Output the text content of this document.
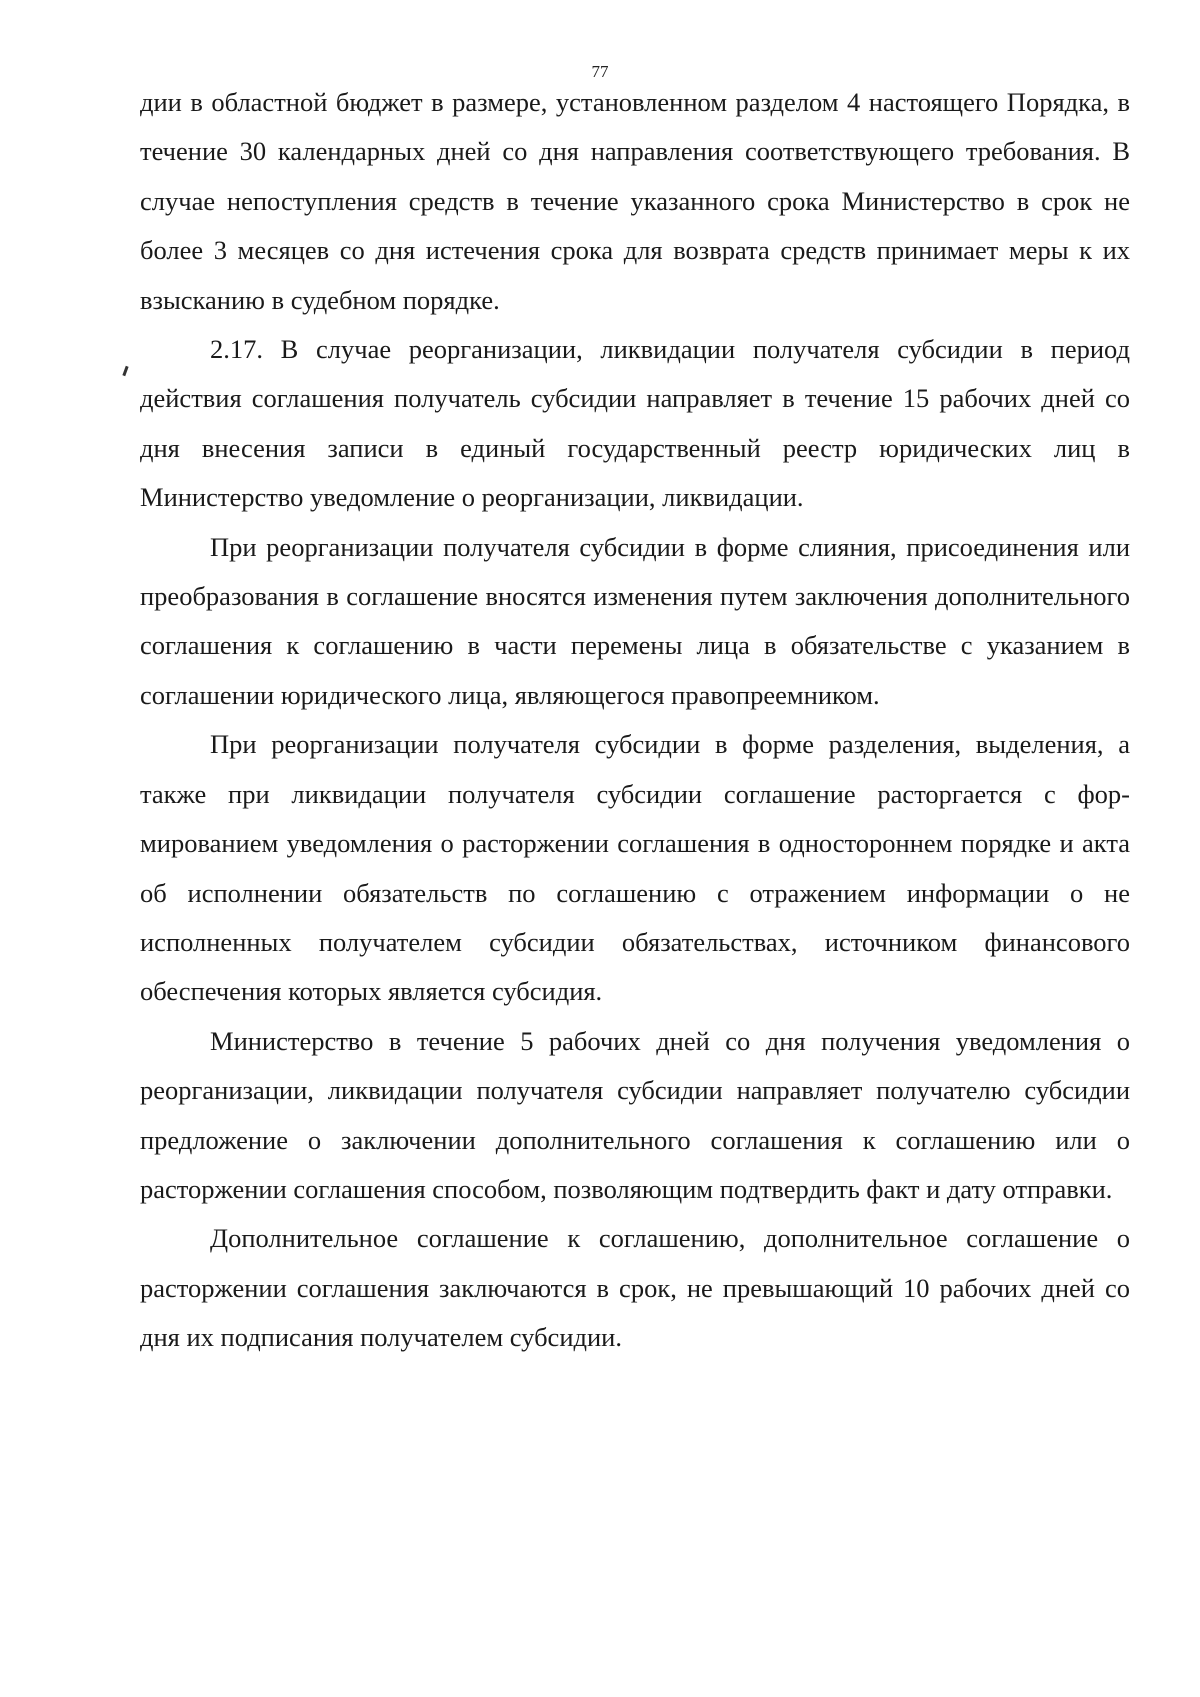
77

дии в областной бюджет в размере, установленном разделом 4 настоящего Порядка, в течение 30 календарных дней со дня направления соответствующего требования. В случае непоступления средств в течение указанного срока Министерство в срок не более 3 месяцев со дня истечения срока для возврата средств принимает меры к их взысканию в судебном порядке.

2.17. В случае реорганизации, ликвидации получателя субсидии в период действия соглашения получатель субсидии направляет в течение 15 рабочих дней со дня внесения записи в единый государственный реестр юридических лиц в Министерство уведомление о реорганизации, ликвидации.

При реорганизации получателя субсидии в форме слияния, присоединения или преобразования в соглашение вносятся изменения путем заключения дополнительного соглашения к соглашению в части перемены лица в обязательстве с указанием в соглашении юридического лица, являющегося правопреемником.

При реорганизации получателя субсидии в форме разделения, выделения, а также при ликвидации получателя субсидии соглашение расторгается с формированием уведомления о расторжении соглашения в одностороннем порядке и акта об исполнении обязательств по соглашению с отражением информации о не исполненных получателем субсидии обязательствах, источником финансового обеспечения которых является субсидия.

Министерство в течение 5 рабочих дней со дня получения уведомления о реорганизации, ликвидации получателя субсидии направляет получателю субсидии предложение о заключении дополнительного соглашения к соглашению или о расторжении соглашения способом, позволяющим подтвердить факт и дату отправки.

Дополнительное соглашение к соглашению, дополнительное соглашение о расторжении соглашения заключаются в срок, не превышающий 10 рабочих дней со дня их подписания получателем субсидии.
